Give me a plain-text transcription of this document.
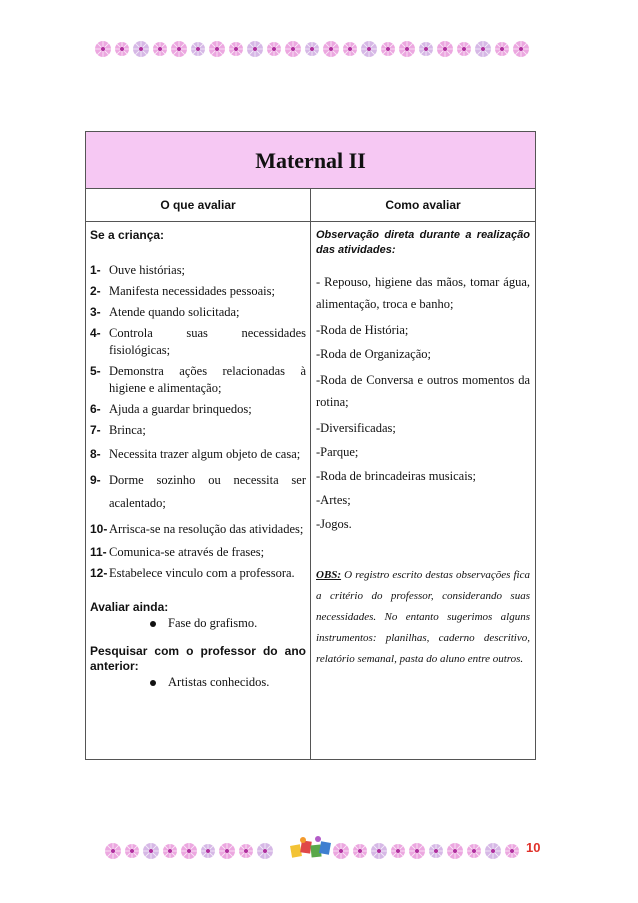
Maternal II
O que avaliar	Como avaliar
Se a criança:
1- Ouve histórias;
2- Manifesta necessidades pessoais;
3- Atende quando solicitada;
4- Controla suas necessidades fisiológicas;
5- Demonstra ações relacionadas à higiene e alimentação;
6- Ajuda a guardar brinquedos;
7- Brinca;
8- Necessita trazer algum objeto de casa;
9- Dorme sozinho ou necessita ser acalentado;
10- Arrisca-se na resolução das atividades;
11- Comunica-se através de frases;
12- Estabelece vinculo com a professora.
Avaliar ainda:
Fase do grafismo.
Pesquisar com o professor do ano anterior:
Artistas conhecidos.
Observação direta durante a realização das atividades:

- Repouso, higiene das mãos, tomar água, alimentação, troca e banho;

-Roda de História;

-Roda de Organização;

-Roda de Conversa e outros momentos da rotina;

-Diversificadas;

-Parque;

-Roda de brincadeiras musicais;

-Artes;

-Jogos.

OBS: O registro escrito destas observações fica a critério do professor, considerando suas necessidades. No entanto sugerimos alguns instrumentos: planilhas, caderno descritivo, relatório semanal, pasta do aluno entre outros.
10
